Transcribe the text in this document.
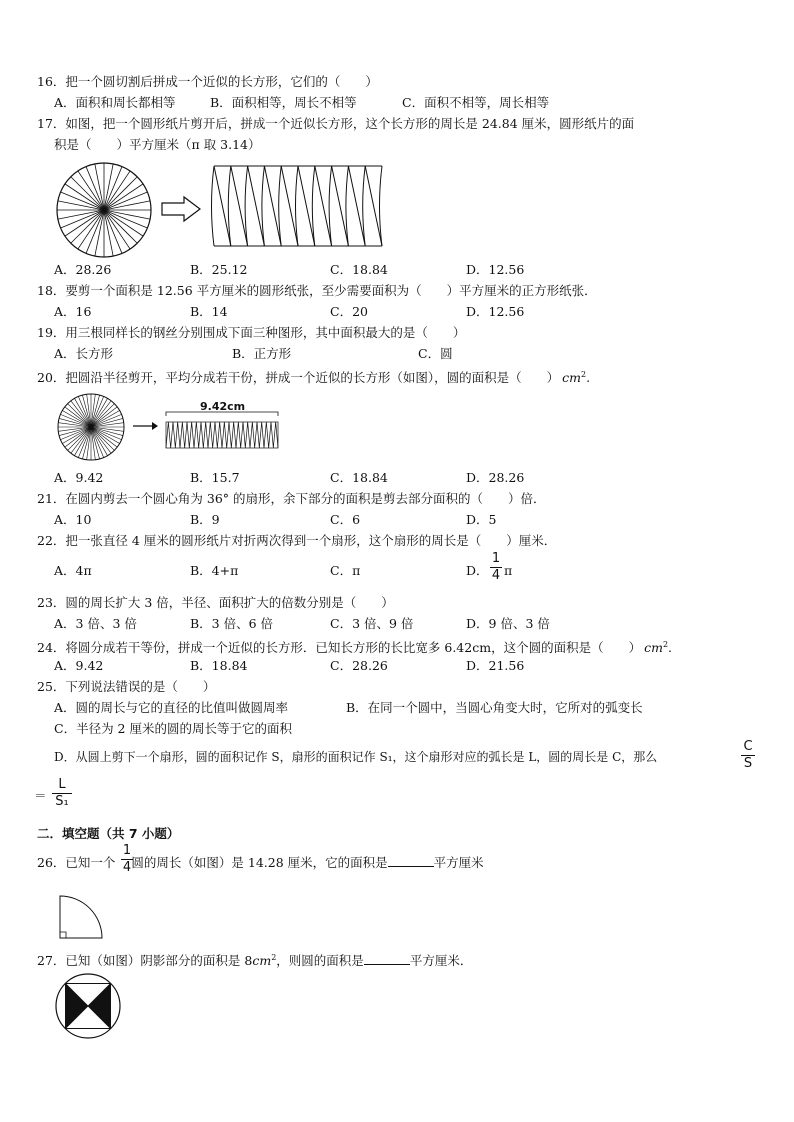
16．把一个圆切割后拼成一个近似的长方形，它们的（　　）
A．面积和周长都相等	B．面积相等，周长不相等	C．面积不相等，周长相等
17．如图，把一个圆形纸片剪开后，拼成一个近似长方形，这个长方形的周长是 24.84 厘米，圆形纸片的面
积是（　　）平方厘米（π 取 3.14）
A．28.26	B．25.12	C．18.84	D．12.56
18．要剪一个面积是 12.56 平方厘米的圆形纸张，至少需要面积为（　　）平方厘米的正方形纸张．
A．16	B．14	C．20	D．12.56
19．用三根同样长的钢丝分别围成下面三种图形，其中面积最大的是（　　）
A．长方形	B．正方形	C．圆
20．把圆沿半径剪开，平均分成若干份，拼成一个近似的长方形（如图），圆的面积是（　　） $cm^2$.
9.42cm
A．9.42	B．15.7	C．18.84	D．28.26
21．在圆内剪去一个圆心角为 36° 的扇形，余下部分的面积是剪去部分面积的（　　）倍．
A．10	B．9	C．6	D．5
22．把一张直径 4 厘米的圆形纸片对折两次得到一个扇形，这个扇形的周长是（　　）厘米．
A．4π	B．4+π	C．π	D．
1
4 π
23．圆的周长扩大 3 倍，半径、面积扩大的倍数分别是（　　）
A．3 倍、3 倍	B．3 倍、6 倍	C．3 倍、9 倍	D．9 倍、3 倍
24．将圆分成若干等份，拼成一个近似的长方形．已知长方形的长比宽多 6.42cm，这个圆的面积是（　　） $cm^2$.
A．9.42	B．18.84	C．28.26	D．21.56
25．下列说法错误的是（　　）
A．圆的周长与它的直径的比值叫做圆周率	B．在同一个圆中，当圆心角变大时，它所对的弧变长
C．半径为 2 厘米的圆的周长等于它的面积
D．从圆上剪下一个扇形，圆的面积记作 S，扇形的面积记作 S₁，这个扇形对应的弧长是 L，圆的周长是 C，那么
C
S
＝
L
S₁
二．填空题（共 7 小题）
26．已知一个 圆的周长（如图）是 14.28 厘米，它的面积是	平方厘米
1
4
27．已知（如图）阴影部分的面积是 $8cm^2$，则圆的面积是	平方厘米．
